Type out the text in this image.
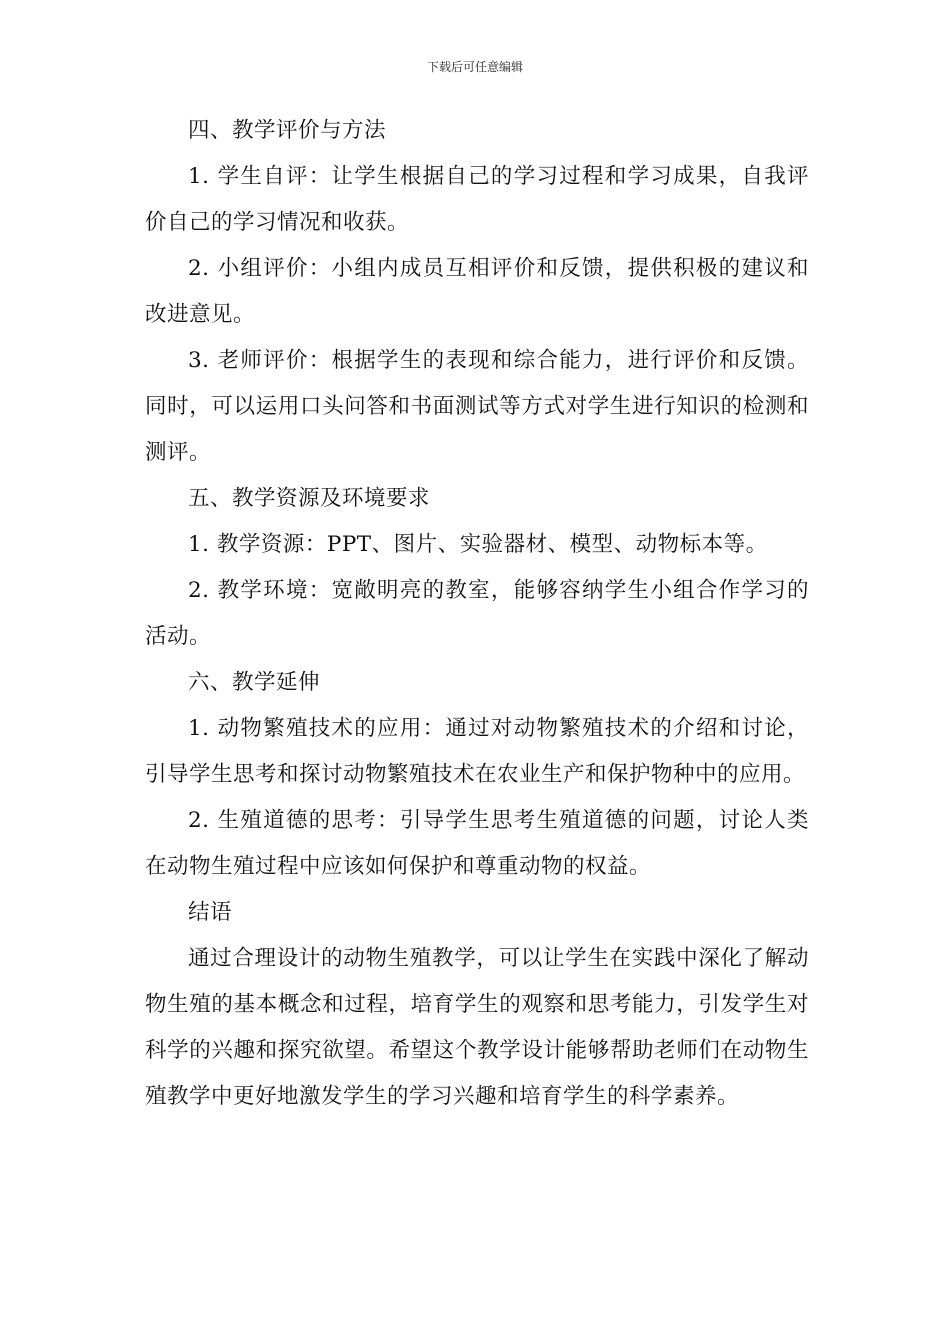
下载后可任意编辑

四、教学评价与方法

1. 学生自评：让学生根据自己的学习过程和学习成果，自我评价自己的学习情况和收获。

2. 小组评价：小组内成员互相评价和反馈，提供积极的建议和改进意见。

3. 老师评价：根据学生的表现和综合能力，进行评价和反馈。同时，可以运用口头问答和书面测试等方式对学生进行知识的检测和测评。

五、教学资源及环境要求

1. 教学资源：PPT、图片、实验器材、模型、动物标本等。

2. 教学环境：宽敞明亮的教室，能够容纳学生小组合作学习的活动。

六、教学延伸

1. 动物繁殖技术的应用：通过对动物繁殖技术的介绍和讨论，引导学生思考和探讨动物繁殖技术在农业生产和保护物种中的应用。

2. 生殖道德的思考：引导学生思考生殖道德的问题，讨论人类在动物生殖过程中应该如何保护和尊重动物的权益。

结语

通过合理设计的动物生殖教学，可以让学生在实践中深化了解动物生殖的基本概念和过程，培育学生的观察和思考能力，引发学生对科学的兴趣和探究欲望。希望这个教学设计能够帮助老师们在动物生殖教学中更好地激发学生的学习兴趣和培育学生的科学素养。
